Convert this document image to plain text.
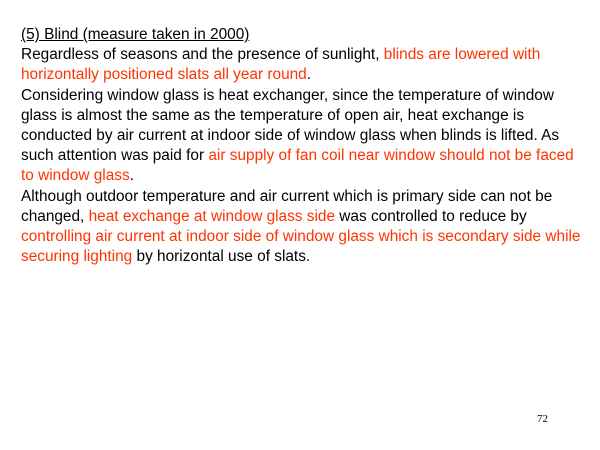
(5) Blind (measure taken in 2000)

Regardless of seasons and the presence of sunlight, blinds are lowered with horizontally positioned slats all year round.

Considering window glass is heat exchanger, since the temperature of window glass is almost the same as the temperature of open air, heat exchange is conducted by air current at indoor side of window glass when blinds is lifted. As such attention was paid for air supply of fan coil near window should not be faced to window glass.

Although outdoor temperature and air current which is primary side can not be changed, heat exchange at window glass side was controlled to reduce by controlling air current at indoor side of window glass which is secondary side while securing lighting by horizontal use of slats.

72
